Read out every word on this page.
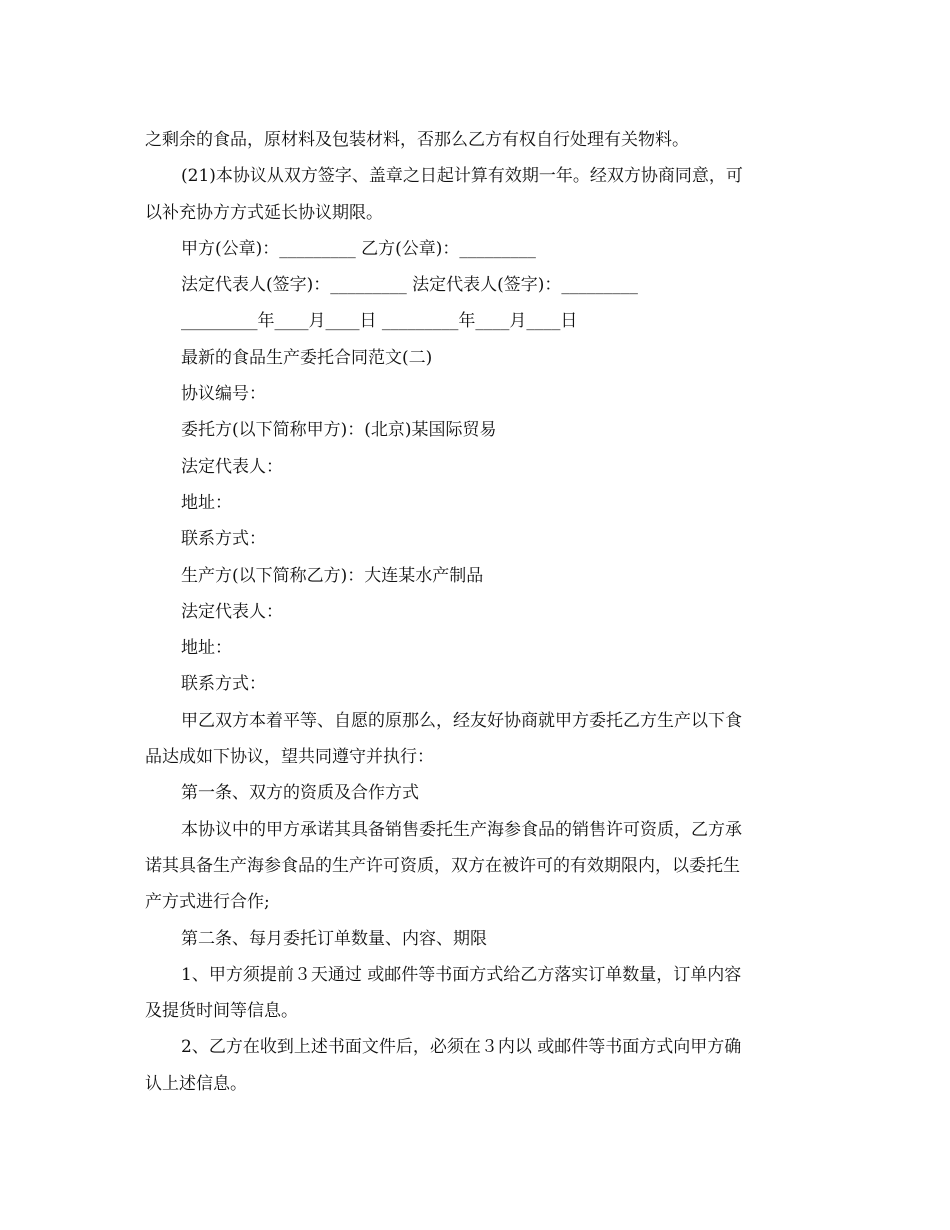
之剩余的食品，原材料及包装材料，否那么乙方有权自行处理有关物料。

(21)本协议从双方签字、盖章之日起计算有效期一年。经双方协商同意，可

以补充协方方式延长协议期限。

甲方(公章)：_________ 乙方(公章)：_________

法定代表人(签字)：_________ 法定代表人(签字)：_________

_________年____月____日 _________年____月____日

最新的食品生产委托合同范文(二)

协议编号：

委托方(以下简称甲方)：(北京)某国际贸易

法定代表人：

地址：

联系方式：

生产方(以下简称乙方)：大连某水产制品

法定代表人：

地址：

联系方式：

甲乙双方本着平等、自愿的原那么，经友好协商就甲方委托乙方生产以下食

品达成如下协议，望共同遵守并执行：

第一条、双方的资质及合作方式

本协议中的甲方承诺其具备销售委托生产海参食品的销售许可资质，乙方承

诺其具备生产海参食品的生产许可资质，双方在被许可的有效期限内，以委托生

产方式进行合作;

第二条、每月委托订单数量、内容、期限

1、甲方须提前３天通过 或邮件等书面方式给乙方落实订单数量，订单内容

及提货时间等信息。

2、乙方在收到上述书面文件后，必须在３内以 或邮件等书面方式向甲方确

认上述信息。
